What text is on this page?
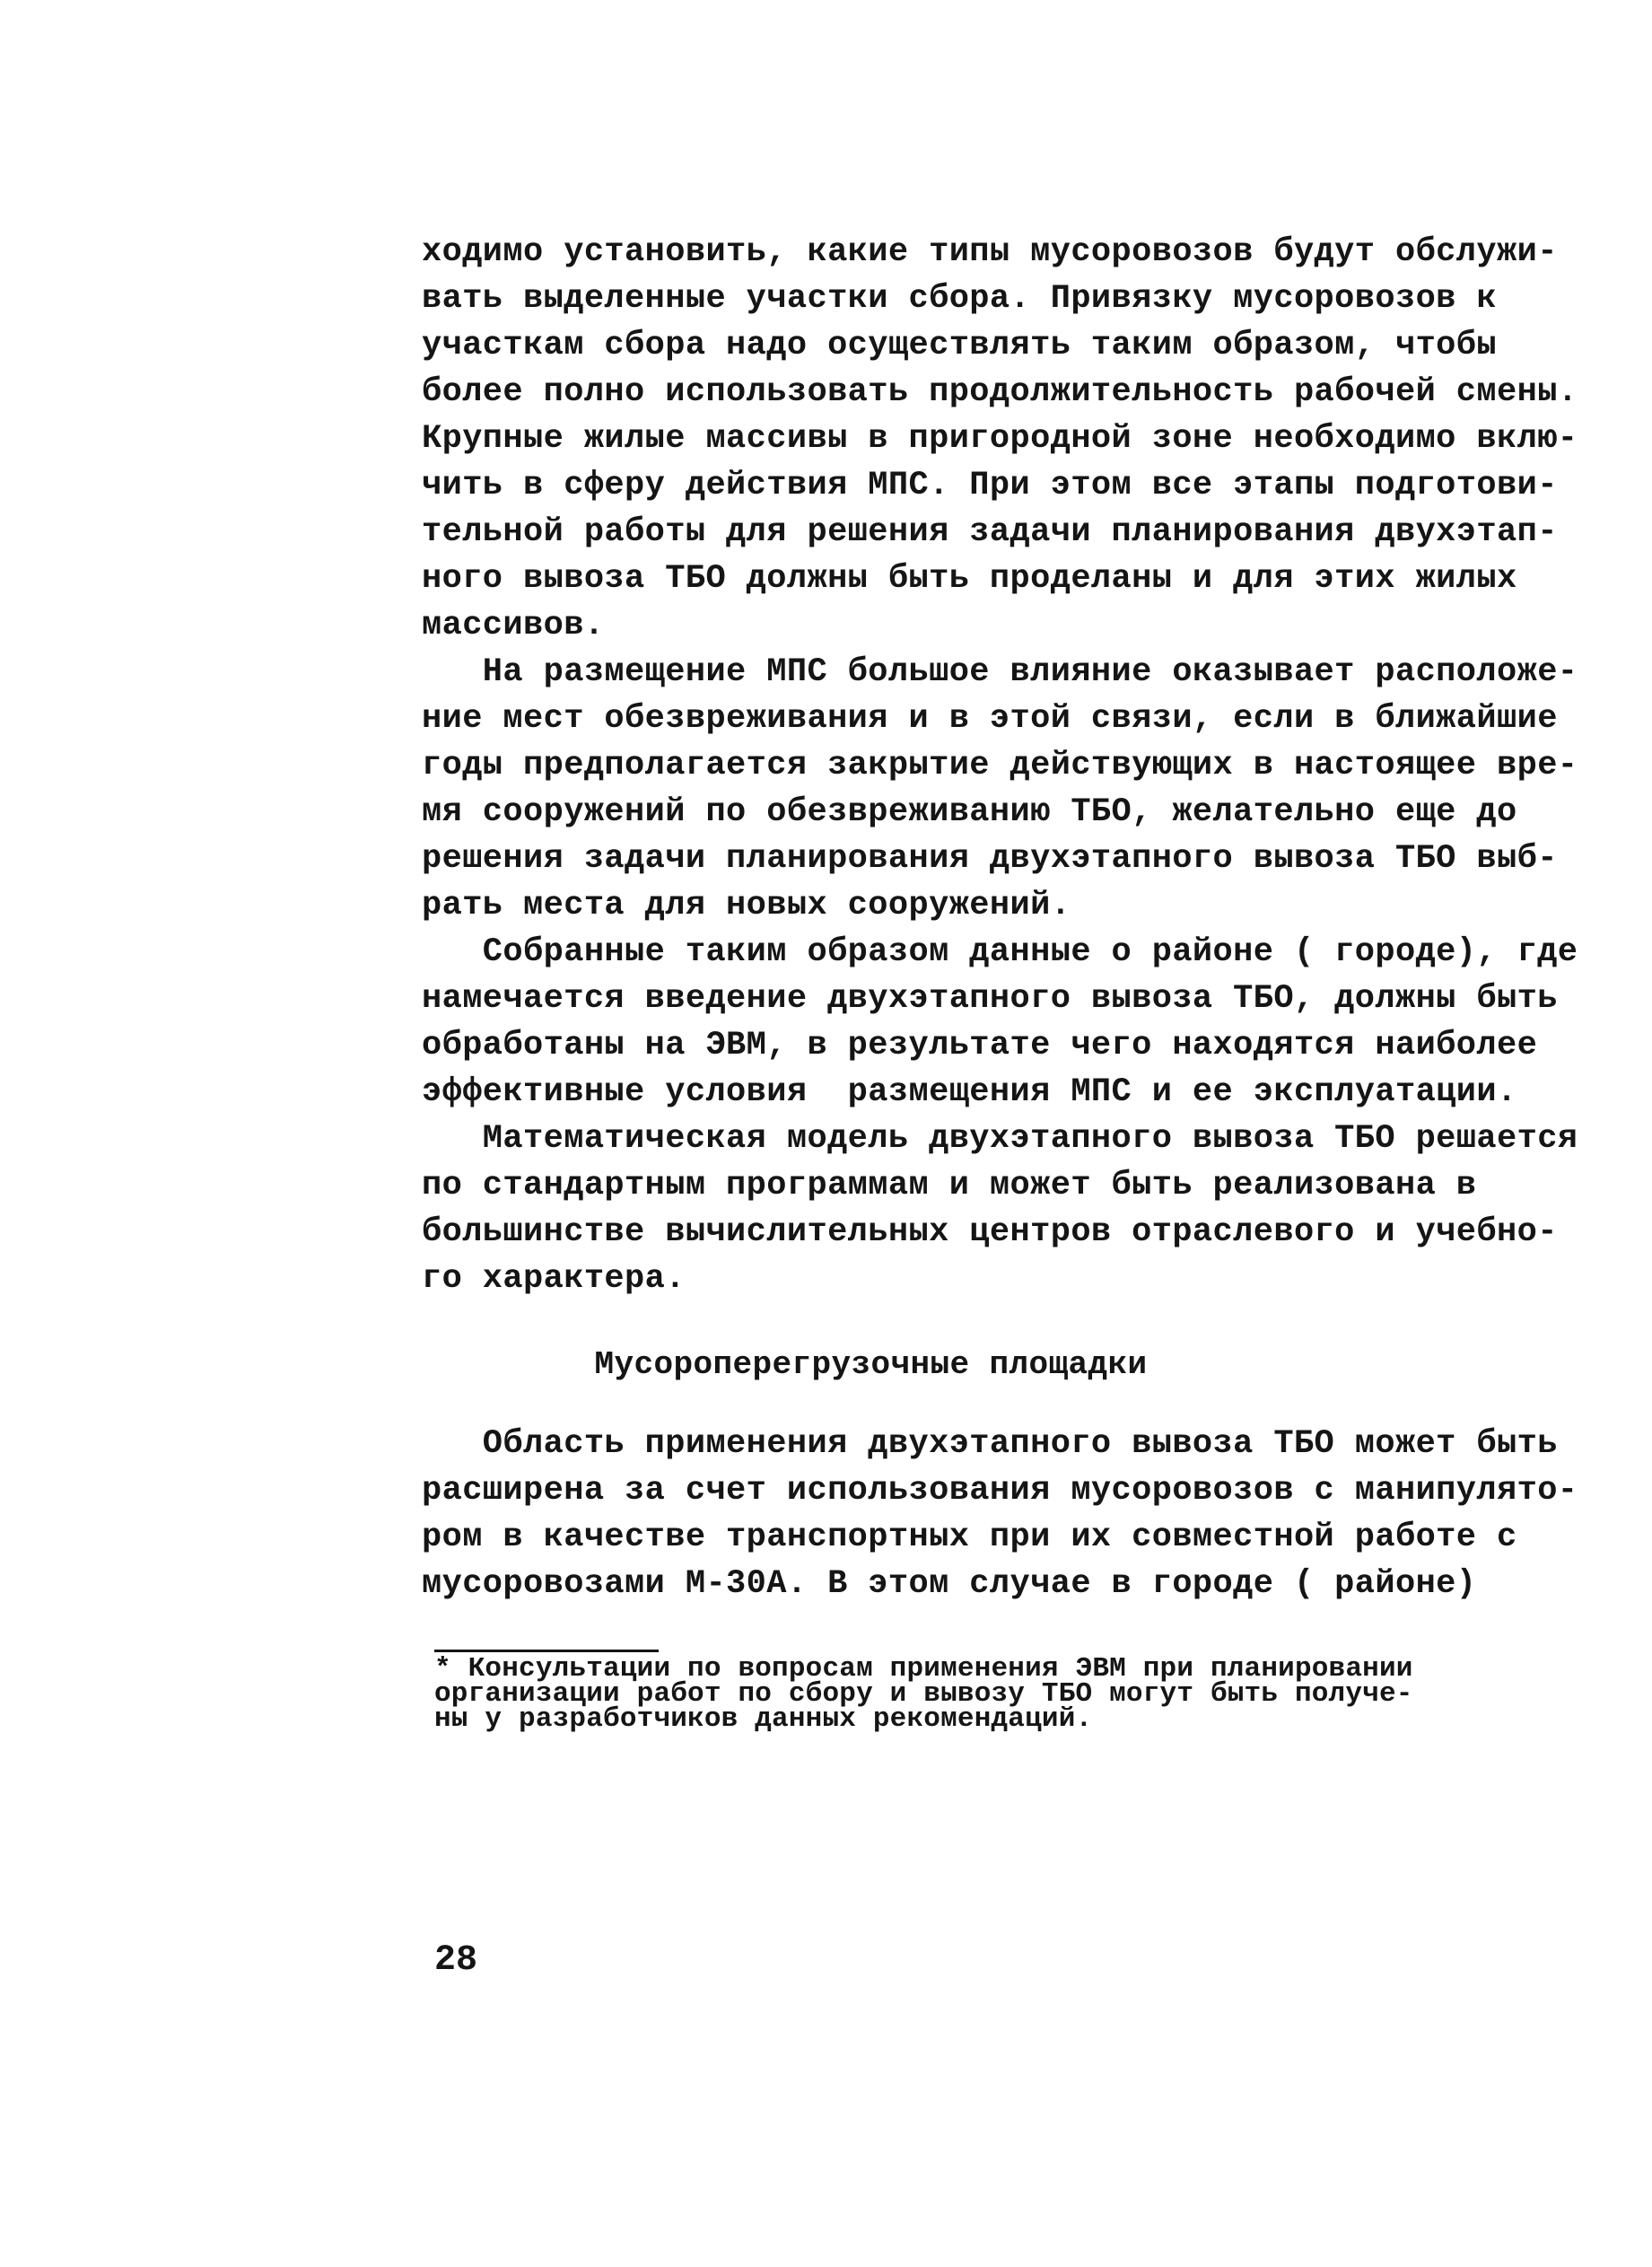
ходимо установить, какие типы мусоровозов будут обслужи-
вать выделенные участки сбора. Привязку мусоровозов к
участкам сбора надо осуществлять таким образом, чтобы
более полно использовать продолжительность рабочей смены.
Крупные жилые массивы в пригородной зоне необходимо вклю-
чить в сферу действия МПС. При этом все этапы подготови-
тельной работы для решения задачи планирования двухэтап-
ного вывоза ТБО должны быть проделаны и для этих жилых
массивов.
На размещение МПС большое влияние оказывает расположе-
ние мест обезвреживания и в этой связи, если в ближайшие
годы предполагается закрытие действующих в настоящее вре-
мя сооружений по обезвреживанию ТБО, желательно еще до
решения задачи планирования двухэтапного вывоза ТБО выб-
рать места для новых сооружений.
Собранные таким образом данные о районе ( городе), где
намечается введение двухэтапного вывоза ТБО, должны быть
обработаны на ЭВМ, в результате чего находятся наиболее
эффективные условия  размещения МПС и ее эксплуатации.
Математическая модель двухэтапного вывоза ТБО решается
по стандартным программам и может быть реализована в
большинстве вычислительных центров отраслевого и учебно-
го характера.
Мусороперегрузочные площадки
Область применения двухэтапного вывоза ТБО может быть
расширена за счет использования мусоровозов с манипулято-
ром в качестве транспортных при их совместной работе с
мусоровозами М-30А. В этом случае в городе ( районе)
* Консультации по вопросам применения ЭВМ при планировании
организации работ по сбору и вывозу ТБО могут быть получе-
ны у разработчиков данных рекомендаций.
28
